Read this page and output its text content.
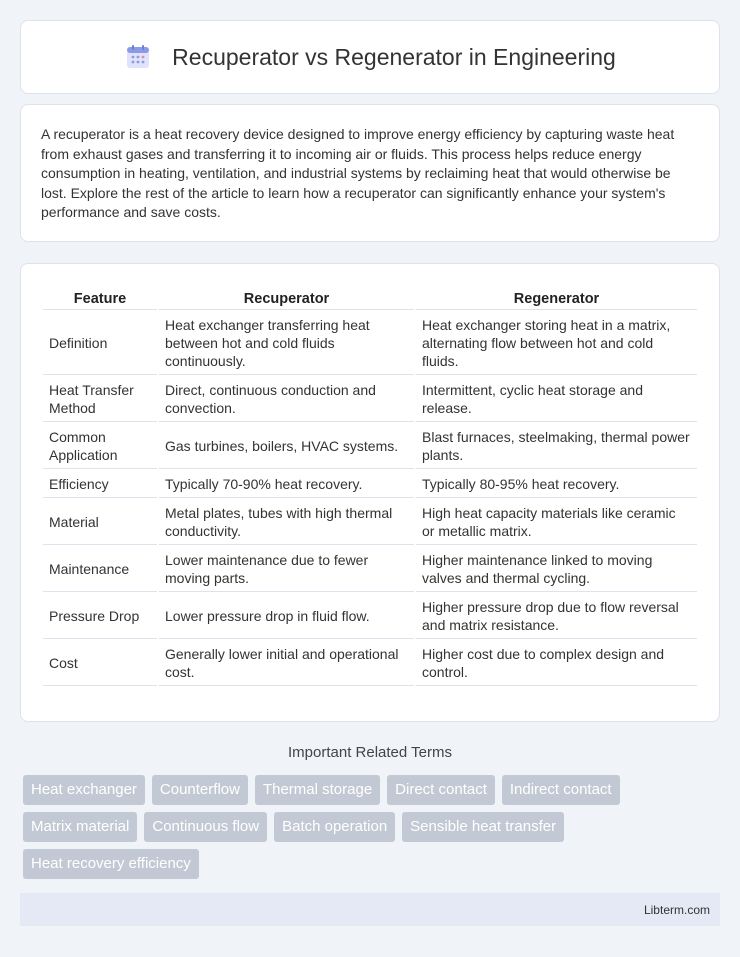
Recuperator vs Regenerator in Engineering

A recuperator is a heat recovery device designed to improve energy efficiency by capturing waste heat from exhaust gases and transferring it to incoming air or fluids. This process helps reduce energy consumption in heating, ventilation, and industrial systems by reclaiming heat that would otherwise be lost. Explore the rest of the article to learn how a recuperator can significantly enhance your system's performance and save costs.

Feature	Recuperator	Regenerator
Definition	Heat exchanger transferring heat between hot and cold fluids continuously.	Heat exchanger storing heat in a matrix, alternating flow between hot and cold fluids.
Heat Transfer Method	Direct, continuous conduction and convection.	Intermittent, cyclic heat storage and release.
Common Application	Gas turbines, boilers, HVAC systems.	Blast furnaces, steelmaking, thermal power plants.
Efficiency	Typically 70-90% heat recovery.	Typically 80-95% heat recovery.
Material	Metal plates, tubes with high thermal conductivity.	High heat capacity materials like ceramic or metallic matrix.
Maintenance	Lower maintenance due to fewer moving parts.	Higher maintenance linked to moving valves and thermal cycling.
Pressure Drop	Lower pressure drop in fluid flow.	Higher pressure drop due to flow reversal and matrix resistance.
Cost	Generally lower initial and operational cost.	Higher cost due to complex design and control.
Important Related Terms
Heat exchanger	Counterflow	Thermal storage	Direct contact	Indirect contact
Matrix material	Continuous flow	Batch operation	Sensible heat transfer
Heat recovery efficiency
Libterm.com
